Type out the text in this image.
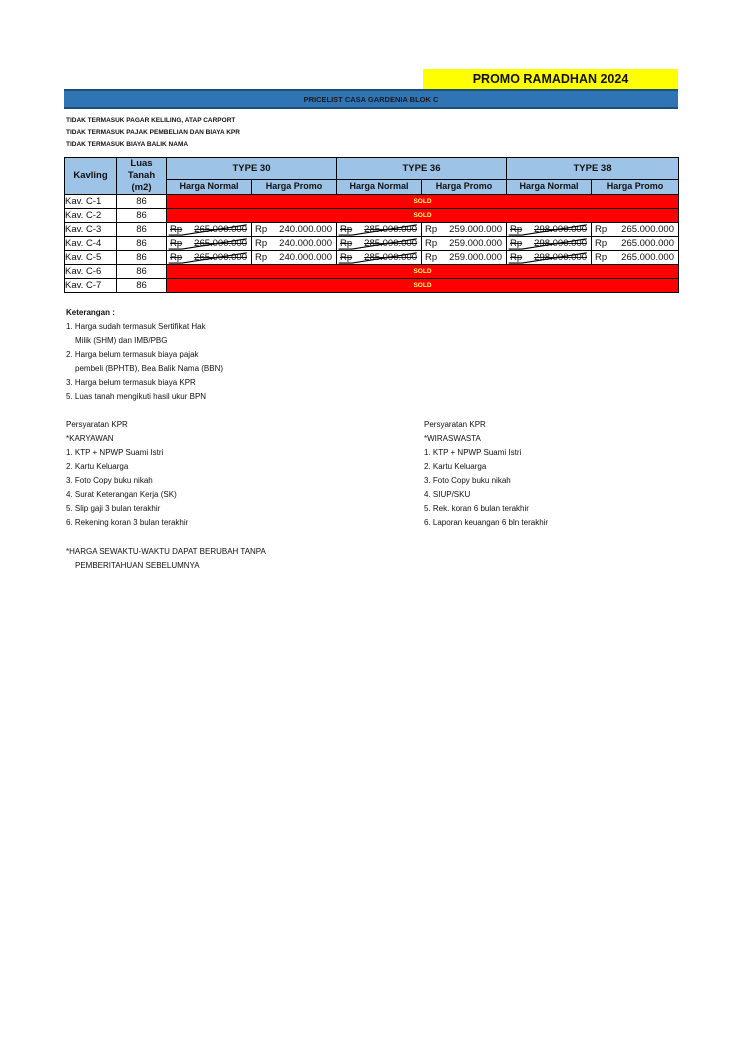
PROMO RAMADHAN 2024
PRICELIST CASA GARDENIA BLOK C
TIDAK TERMASUK PAGAR KELILING, ATAP CARPORT
TIDAK TERMASUK PAJAK PEMBELIAN DAN BIAYA KPR
TIDAK TERMASUK BIAYA BALIK NAMA
Kavling	Luas Tanah
(m2)	TYPE 30		TYPE 36		TYPE 38	
		Harga Normal	Harga Promo	Harga Normal	Harga Promo	Harga Normal	Harga Promo
Kav. C-1	86	SOLD					
Kav. C-2	86	SOLD					
Kav. C-3	86	Rp 265.000.000	Rp 240.000.000	Rp 285.000.000	Rp 259.000.000	Rp 298.000.000	Rp 265.000.000

Kav. C-4	86	Rp 265.000.000	Rp 240.000.000	Rp 285.000.000	Rp 259.000.000	Rp 298.000.000	Rp 265.000.000

Kav. C-5	86	Rp 265.000.000	Rp 240.000.000	Rp 285.000.000	Rp 259.000.000	Rp 298.000.000	Rp 265.000.000

Kav. C-6	86	SOLD					
Kav. C-7	86	SOLD					
Keterangan :
1. Harga sudah termasuk Sertifikat Hak
Milik (SHM) dan IMB/PBG
2. Harga belum termasuk biaya pajak
pembeli (BPHTB), Bea Balik Nama (BBN)
3. Harga belum termasuk biaya KPR
5. Luas tanah mengikuti hasil ukur BPN
Persyaratan KPR
*KARYAWAN
1. KTP + NPWP Suami Istri
2. Kartu Keluarga
3. Foto Copy buku nikah
4. Surat Keterangan Kerja (SK)
5. Slip gaji 3 bulan terakhir
6. Rekening koran 3 bulan terakhir
Persyaratan KPR
*WIRASWASTA
1. KTP + NPWP Suami Istri
2. Kartu Keluarga
3. Foto Copy buku nikah
4. SIUP/SKU
5. Rek. koran 6 bulan terakhir
6. Laporan keuangan 6 bln terakhir
*HARGA SEWAKTU-WAKTU DAPAT BERUBAH TANPA
PEMBERITAHUAN SEBELUMNYA
